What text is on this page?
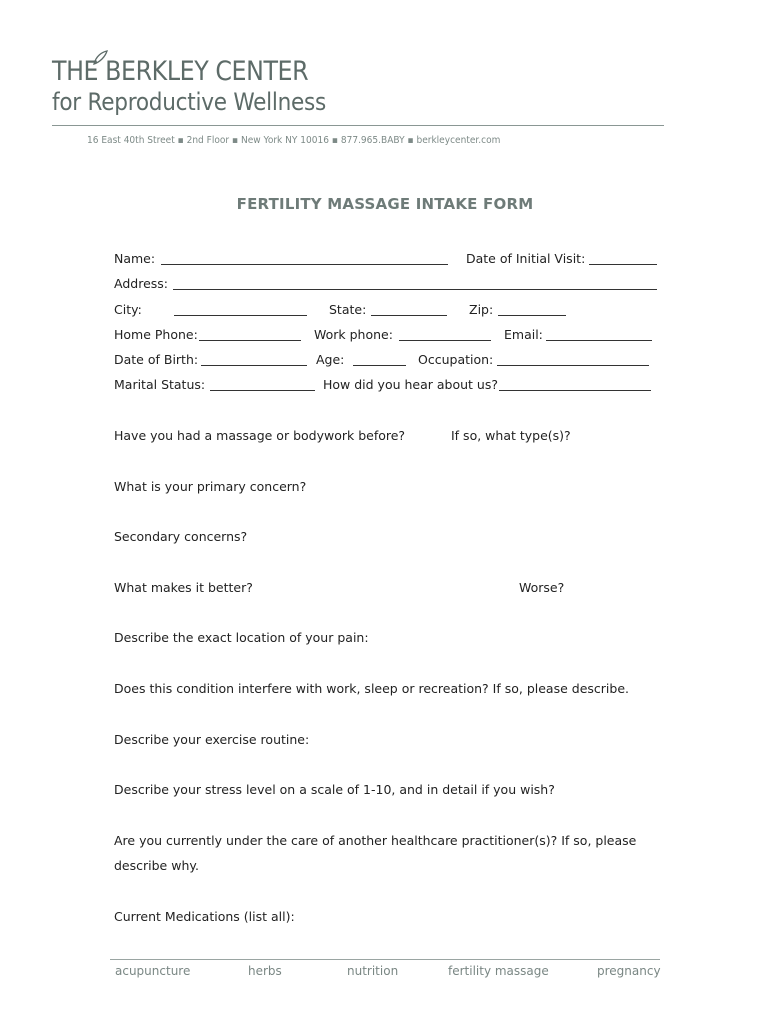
THE BERKLEY CENTER
for Reproductive Wellness
16 East 40th Street ▪ 2nd Floor ▪ New York NY 10016 ▪ 877.965.BABY ▪ berkleycenter.com
FERTILITY MASSAGE INTAKE FORM
Name:	Date of Initial Visit:
Address:
City:	State:	Zip:
Home Phone:	Work phone:	Email:
Date of Birth:	Age:	Occupation:
Marital Status:	How did you hear about us?
Have you had a massage or bodywork before?	If so, what type(s)?
What is your primary concern?
Secondary concerns?
What makes it better?	Worse?
Describe the exact location of your pain:
Does this condition interfere with work, sleep or recreation? If so, please describe.
Describe your exercise routine:
Describe your stress level on a scale of 1-10, and in detail if you wish?
Are you currently under the care of another healthcare practitioner(s)? If so, please
describe why.
Current Medications (list all):
acupuncture	herbs	nutrition	fertility massage	pregnancy
